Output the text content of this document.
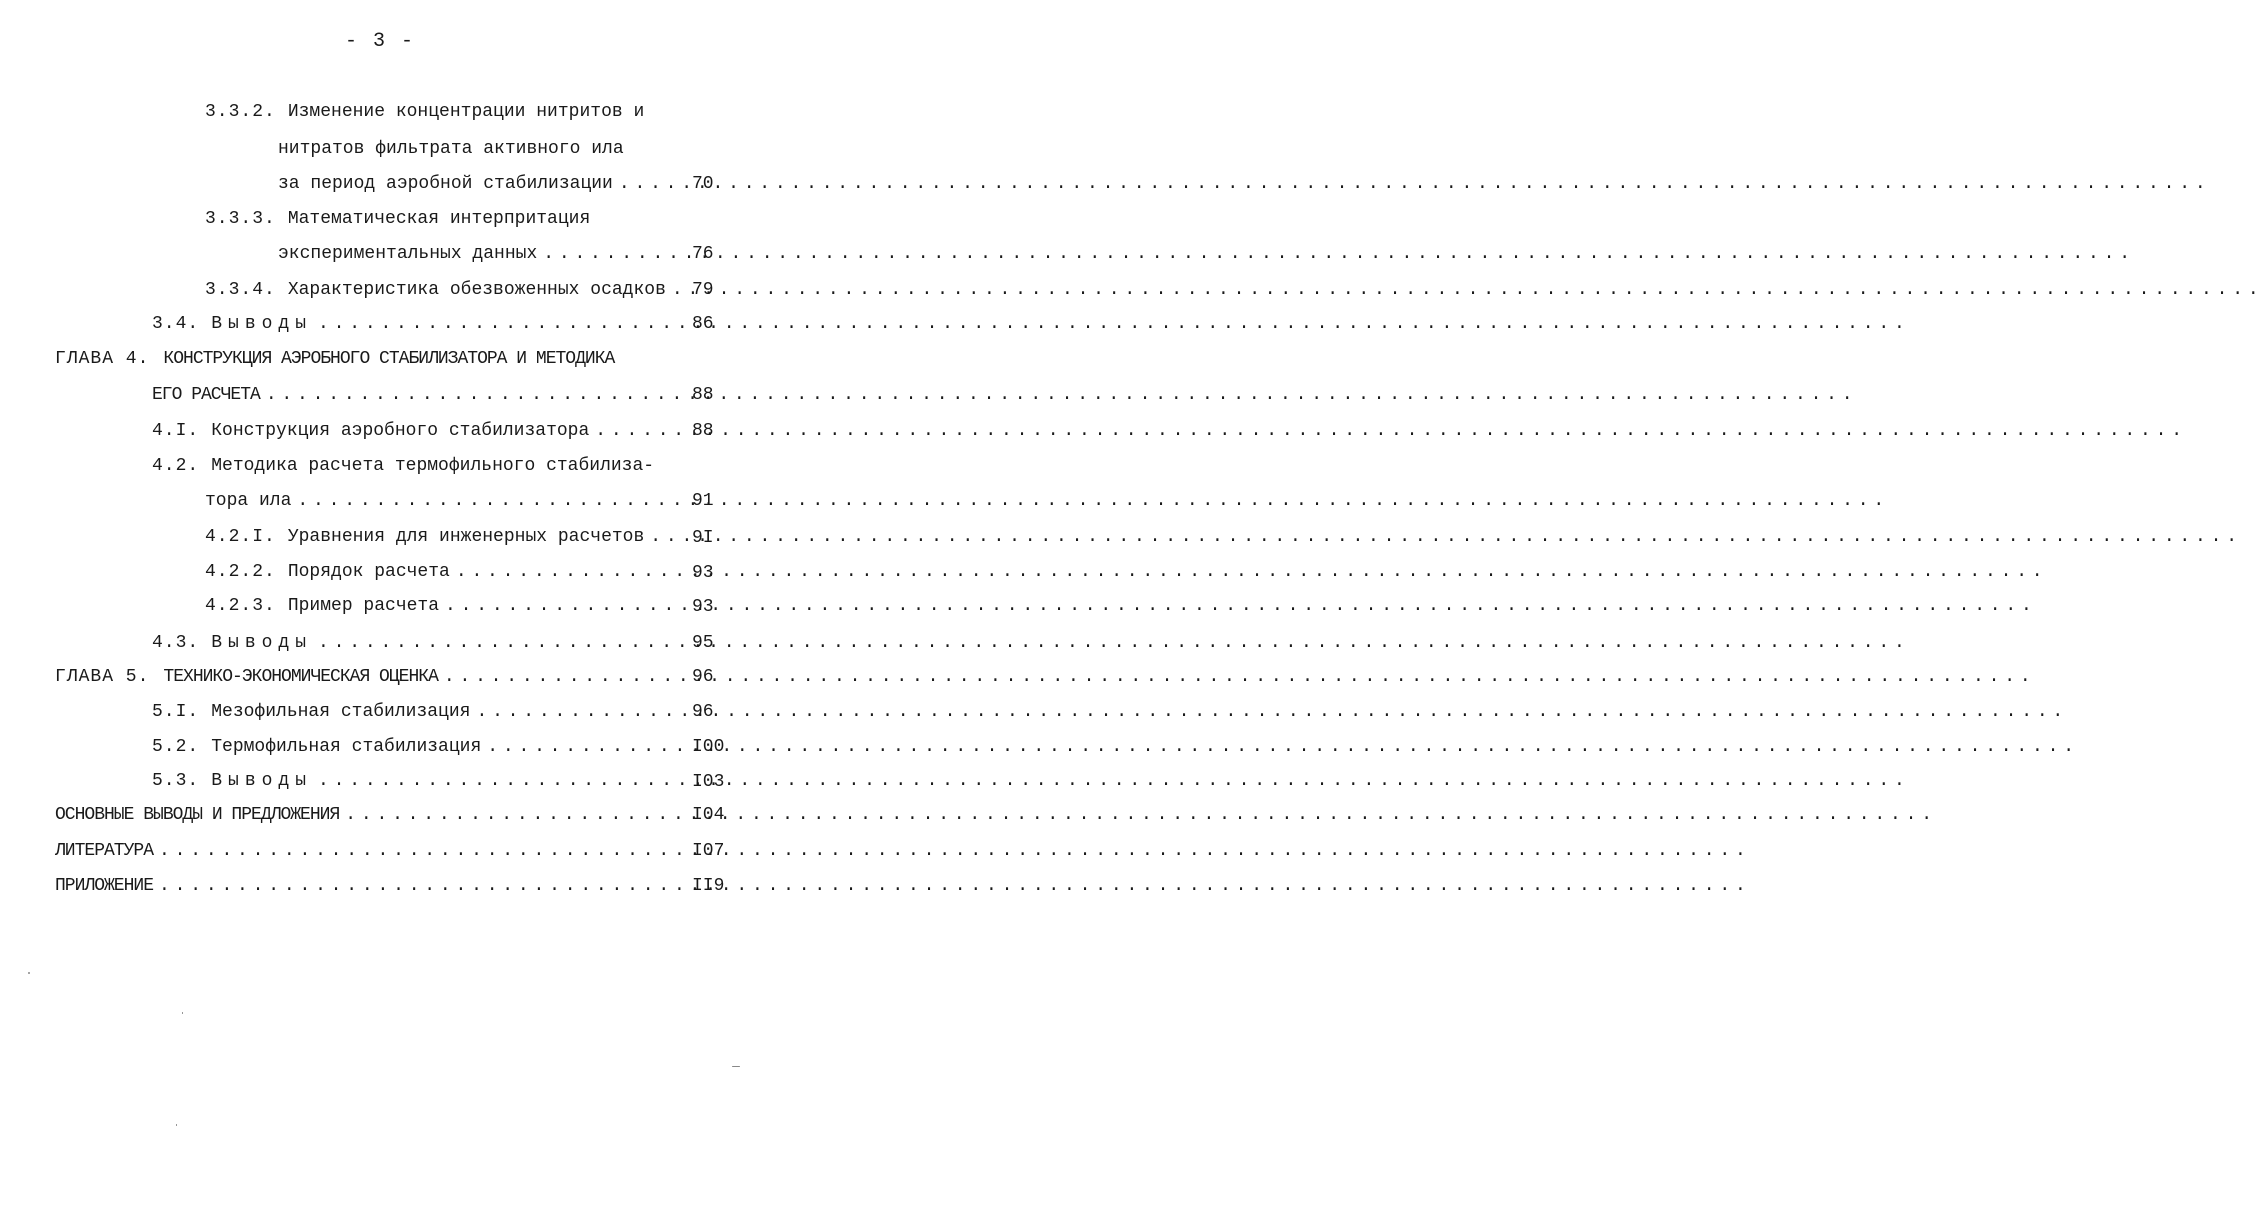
- 3 -
3.3.2. Изменение концентрации нитритов и
нитратов фильтрата активного ила
за период аэробной стабилизации . . .	70
3.3.3. Математическая интерпритация
экспериментальных данных . . .	76
3.3.4. Характеристика обезвоженных осадков . . . 79
3.4. Выводы . . .	86
ГЛАВА 4. КОНСТРУКЦИЯ АЭРОБНОГО СТАБИЛИЗАТОРА И МЕТОДИКА
ЕГО РАСЧЕТА . . .	88
4.I. Конструкция аэробного стабилизатора . . .	88
4.2. Методика расчета термофильного стабилиза-
тора ила . . .	91
4.2.I. Уравнения для инженерных расчетов . . .	9I
4.2.2. Порядок расчета . . .	93
4.2.3. Пример расчета . . .	93
4.3. Выводы . . .	95
ГЛАВА 5. ТЕХНИКО-ЭКОНОМИЧЕСКАЯ ОЦЕНКА . . .	96
5.I. Мезофильная стабилизация . . .	96
5.2. Термофильная стабилизация . . .	I00
5.3. Выводы . . .	I03
ОСНОВНЫЕ ВЫВОДЫ И ПРЕДЛОЖЕНИЯ . . .	I04
ЛИТЕРАТУРА . . .	I07
ПРИЛОЖЕНИЕ . . .	II9
